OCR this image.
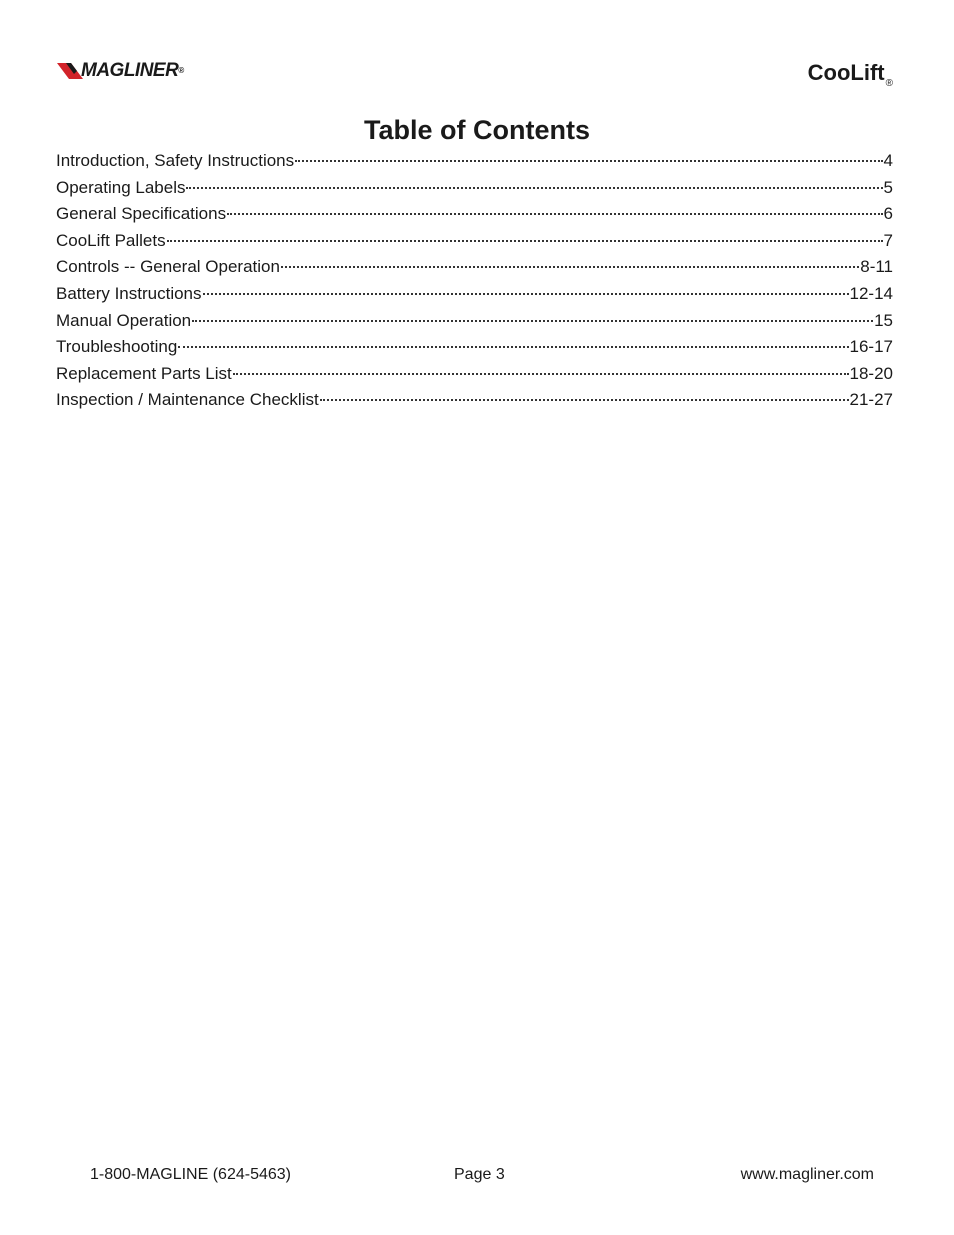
MAGLINER ®	CooLift$_®$
Table of Contents
Introduction, Safety Instructions	4
Operating Labels	5
General Specifications	6
CooLift Pallets	7
Controls -- General Operation	8-11
Battery Instructions	12-14
Manual Operation	15
Troubleshooting	16-17
Replacement Parts List	18-20
Inspection / Maintenance Checklist	21-27
1-800-MAGLINE (624-5463)	Page 3	www.magliner.com
